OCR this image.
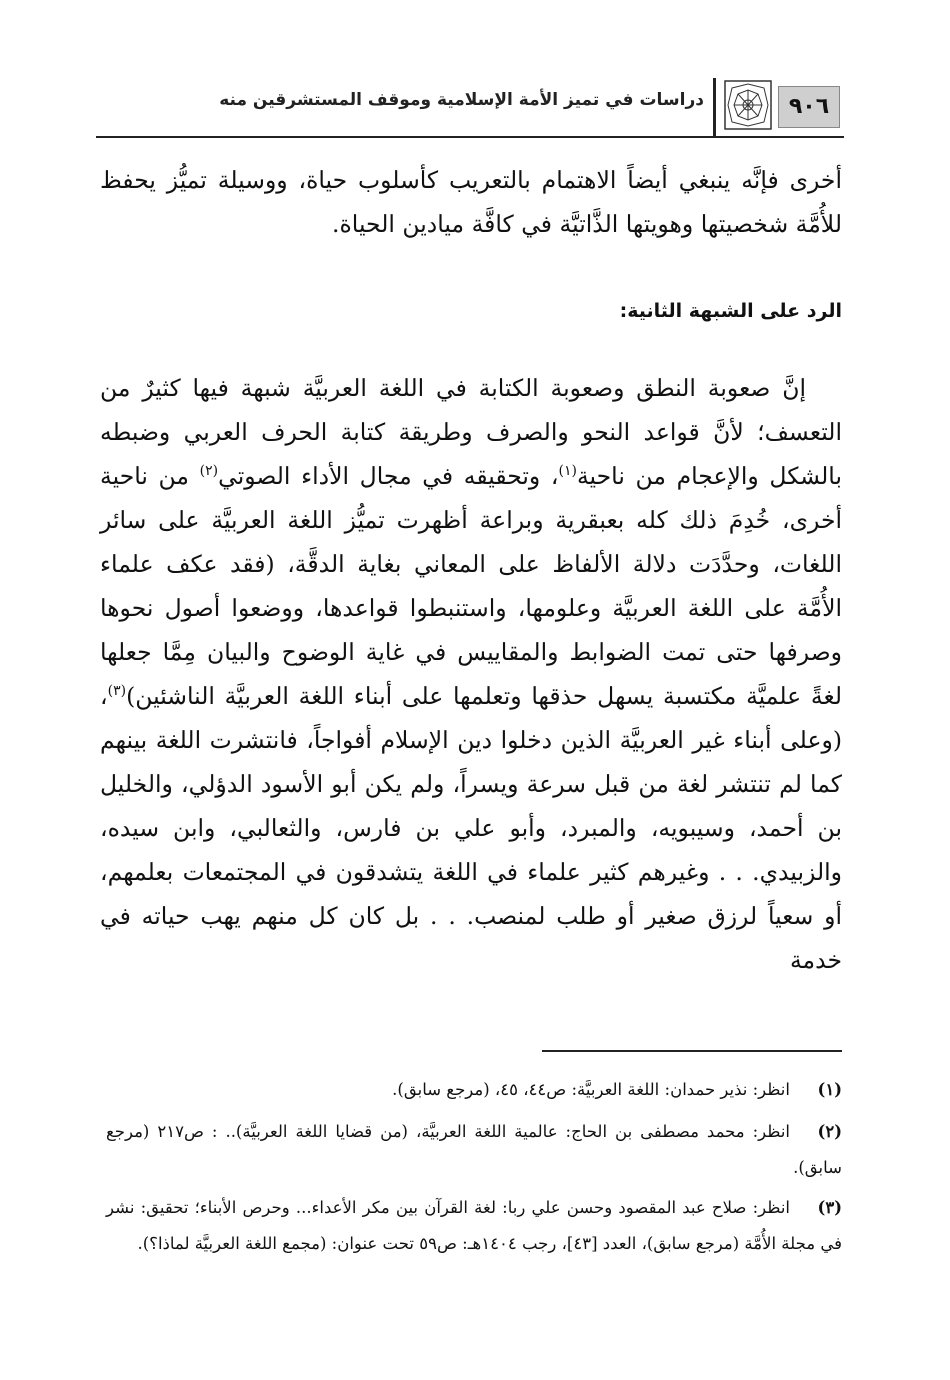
٩٠٦
دراسات في تميز الأمة الإسلامية وموقف المستشرقين منه
أخرى فإنَّه ينبغي أيضاً الاهتمام بالتعريب كأسلوب حياة، ووسيلة تميُّز يحفظ للأُمَّة شخصيتها وهويتها الذَّاتيَّة في كافَّة ميادين الحياة.
الرد على الشبهة الثانية:
إنَّ صعوبة النطق وصعوبة الكتابة في اللغة العربيَّة شبهة فيها كثيرٌ من التعسف؛ لأنَّ قواعد النحو والصرف وطريقة كتابة الحرف العربي وضبطه بالشكل والإعجام من ناحية$^{(١)}$، وتحقيقه في مجال الأداء الصوتي$^{(٢)}$ من ناحية أخرى، خُدِمَ ذلك كله بعبقرية وبراعة أظهرت تميُّز اللغة العربيَّة على سائر اللغات، وحدَّدَت دلالة الألفاظ على المعاني بغاية الدقَّة، (فقد عكف علماء الأُمَّة على اللغة العربيَّة وعلومها، واستنبطوا قواعدها، ووضعوا أصول نحوها وصرفها حتى تمت الضوابط والمقاييس في غاية الوضوح والبيان مِمَّا جعلها لغةً علميَّة مكتسبة يسهل حذقها وتعلمها على أبناء اللغة العربيَّة الناشئين)$^{(٣)}$، (وعلى أبناء غير العربيَّة الذين دخلوا دين الإسلام أفواجاً، فانتشرت اللغة بينهم كما لم تنتشر لغة من قبل سرعة ويسراً، ولم يكن أبو الأسود الدؤلي، والخليل بن أحمد، وسيبويه، والمبرد، وأبو علي بن فارس، والثعالبي، وابن سيده، والزبيدي. . . وغيرهم كثير علماء في اللغة يتشدقون في المجتمعات بعلمهم، أو سعياً لرزق صغير أو طلب لمنصب. . . بل كان كل منهم يهب حياته في خدمة
(١)انظر: نذير حمدان: اللغة العربيَّة: ص٤٤، ٤٥، (مرجع سابق).
(٢)انظر: محمد مصطفى بن الحاج: عالمية اللغة العربيَّة، (من قضايا اللغة العربيَّة).. : ص٢١٧ (مرجع سابق).
(٣)انظر: صلاح عبد المقصود وحسن علي ربا: لغة القرآن بين مكر الأعداء... وحرص الأبناء؛ تحقيق: نشر في مجلة الأُمَّة (مرجع سابق)، العدد [٤٣]، رجب ١٤٠٤هـ: ص٥٩ تحت عنوان: (مجمع اللغة العربيَّة لماذا؟).
